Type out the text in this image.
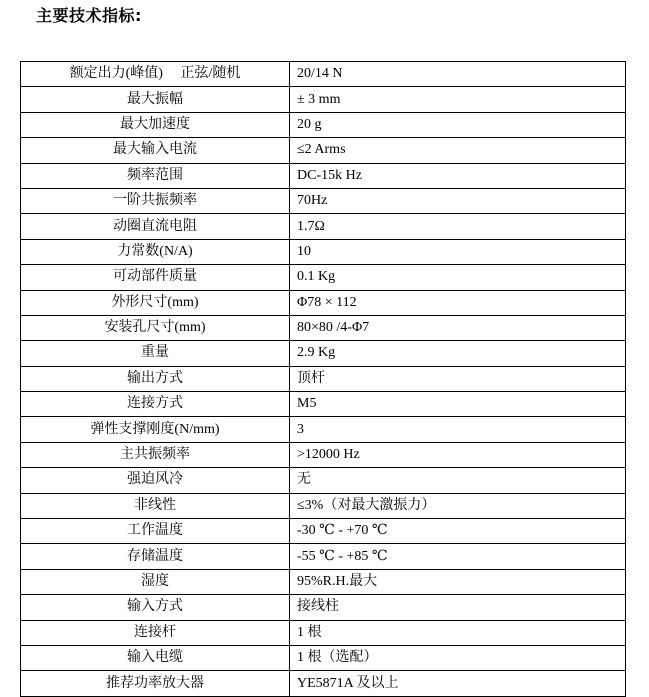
主要技术指标:
额定出力(峰值)　 正弦/随机	20/14 N
最大振幅	± 3 mm
最大加速度	20 g
最大输入电流	≤2 Arms
频率范围	DC-15k Hz
一阶共振频率	70Hz
动圈直流电阻	1.7Ω
力常数(N/A)	10
可动部件质量	0.1 Kg
外形尺寸(mm)	Φ78 × 112
安装孔尺寸(mm)	80×80 /4-Φ7
重量	2.9 Kg
输出方式	顶杆
连接方式	M5
弹性支撑刚度(N/mm)	3
主共振频率	>12000 Hz
强迫风冷	无
非线性	≤3%（对最大激振力）
工作温度	-30 ℃ - +70 ℃
存储温度	-55 ℃ - +85 ℃
湿度	95%R.H.最大
输入方式	接线柱
连接杆	1 根
输入电缆	1 根（选配）
推荐功率放大器	YE5871A 及以上
